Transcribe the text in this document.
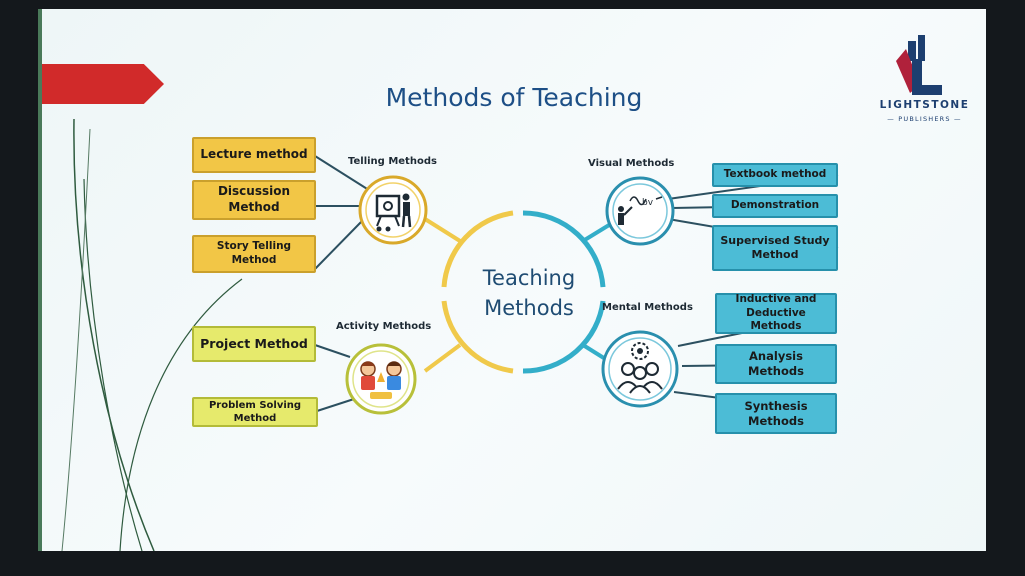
Methods of Teaching	LIGHTSTONE
— PUBLISHERS —
Teaching
Methods
Telling Methods
Activity Methods
Visual Methods
Mental Methods
bv
Lecture method
Discussion Method
Story Telling Method
Project Method
Problem Solving Method
Textbook method
Demonstration
Supervised Study Method
Inductive and Deductive Methods
Analysis Methods
Synthesis Methods
